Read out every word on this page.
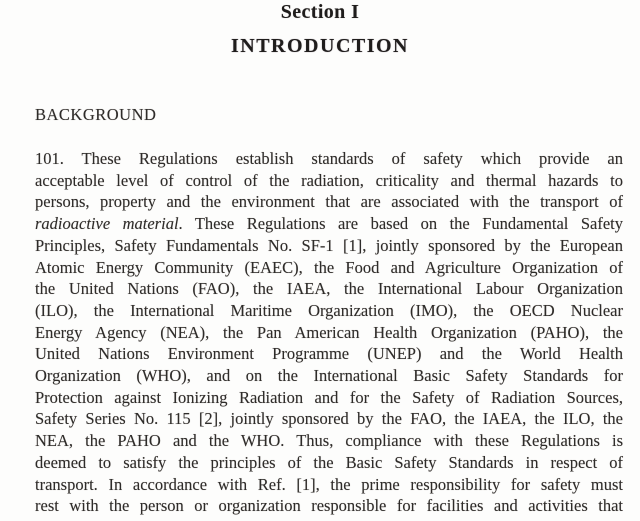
Section I
INTRODUCTION
BACKGROUND
101. These Regulations establish standards of safety which provide an
acceptable level of control of the radiation, criticality and thermal hazards to
persons, property and the environment that are associated with the transport of
radioactive material. These Regulations are based on the Fundamental Safety
Principles, Safety Fundamentals No. SF-1 [1], jointly sponsored by the European
Atomic Energy Community (EAEC), the Food and Agriculture Organization of
the United Nations (FAO), the IAEA, the International Labour Organization
(ILO), the International Maritime Organization (IMO), the OECD Nuclear
Energy Agency (NEA), the Pan American Health Organization (PAHO), the
United Nations Environment Programme (UNEP) and the World Health
Organization (WHO), and on the International Basic Safety Standards for
Protection against Ionizing Radiation and for the Safety of Radiation Sources,
Safety Series No. 115 [2], jointly sponsored by the FAO, the IAEA, the ILO, the
NEA, the PAHO and the WHO. Thus, compliance with these Regulations is
deemed to satisfy the principles of the Basic Safety Standards in respect of
transport. In accordance with Ref. [1], the prime responsibility for safety must
rest with the person or organization responsible for facilities and activities that
